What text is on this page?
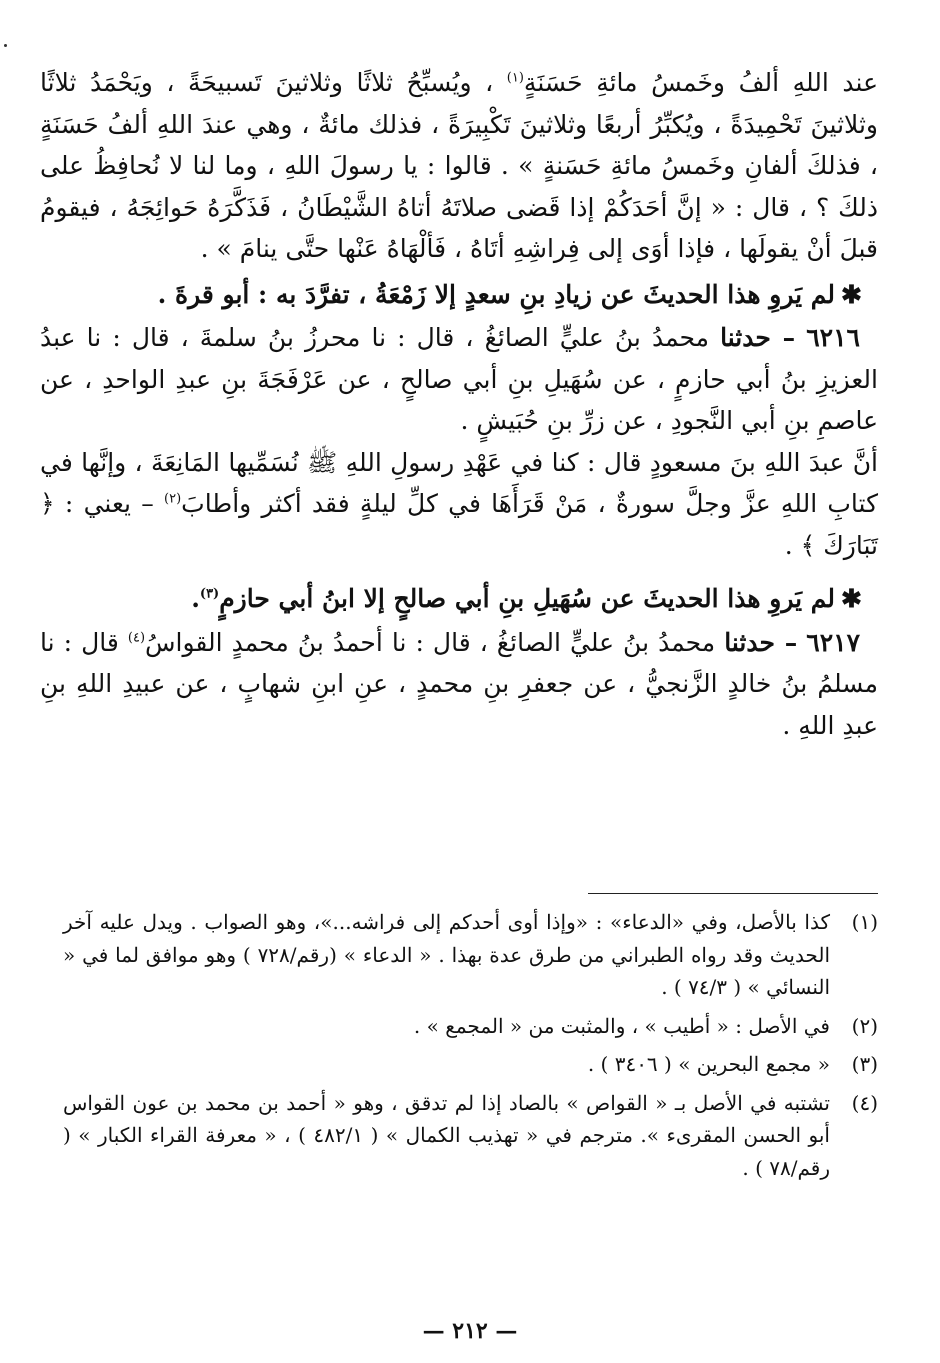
عند اللهِ ألفُ وخَمسُ مائةِ حَسَنَةٍ$^{(١)}$ ، ويُسبِّحُ ثلاثًا وثلاثينَ تَسبيحَةً ، ويَحْمَدُ ثلاثًا وثلاثينَ تَحْمِيدَةً ، ويُكبِّرُ أربعًا وثلاثينَ تَكْبِيرَةً ، فذلك مائةٌ ، وهي عندَ اللهِ ألفُ حَسَنَةٍ ، فذلكَ ألفانِ وخَمسُ مائةِ حَسَنةٍ » . قالوا : يا رسولَ اللهِ ، وما لنا لا نُحافِظُ على ذلكَ ؟ ، قال : « إنَّ أحَدَكُمْ إذا قَضى صلاتَهُ أتاهُ الشَّيْطَانُ ، فَذَكَّرَهُ حَوائِجَهُ ، فيقومُ قبلَ أنْ يقولَها ، فإذا أوَى إلى فِراشِهِ أتَاهُ ، فَألْهَاهُ عَنْها حتَّى ينامَ » .

✱لم يَروِ هذا الحديثَ عن زيادِ بنِ سعدٍ إلا زَمْعَةُ ، تفرَّدَ به : أبو قرةَ .

٦٢١٦ – حدثنا محمدُ بنُ عليٍّ الصائغُ ، قال : نا محرزُ بنُ سلمةَ ، قال : نا عبدُ العزيزِ بنُ أبي حازمٍ ، عن سُهَيلِ بنِ أبي صالحٍ ، عن عَرْفَجَةَ بنِ عبدِ الواحدِ ، عن عاصمِ بنِ أبي النَّجودِ ، عن زرِّ بنِ حُبَيشٍ .

أنَّ عبدَ اللهِ بنَ مسعودٍ قال : كنا في عَهْدِ رسولِ اللهِ ﷺ نُسَمِّيها المَانِعَةَ ، وإنَّها في كتابِ اللهِ عزَّ وجلَّ سورةٌ ، مَنْ قَرَأَهَا في كلِّ ليلةٍ فقد أكثر وأطابَ$^{(٢)}$ – يعني : ﴿ تَبَارَكَ ﴾ .

✱لم يَروِ هذا الحديثَ عن سُهَيلِ بنِ أبي صالحٍ إلا ابنُ أبي حازمٍ$^{(٣)}$.

٦٢١٧ – حدثنا محمدُ بنُ عليٍّ الصائغُ ، قال : نا أحمدُ بنُ محمدٍ القواسُ$^{(٤)}$ قال : نا مسلمُ بنُ خالدٍ الزَّنجيُّ ، عن جعفرِ بنِ محمدٍ ، عنِ ابنِ شهابٍ ، عن عبيدِ اللهِ بنِ عبدِ اللهِ .

(١)
كذا بالأصل، وفي «الدعاء» : «وإذا أوى أحدكم إلى فراشه...»، وهو الصواب . ويدل عليه آخر الحديث وقد رواه الطبراني من طرق عدة بهذا . « الدعاء » (رقم/٧٢٨ ) وهو موافق لما في « النسائي » ( ٧٤/٣ ) .
(٢)
في الأصل : « أطيب » ، والمثبت من « المجمع » .
(٣)
« مجمع البحرين » ( ٣٤٠٦ ) .
(٤)
تشتبه في الأصل بـ « القواص » بالصاد إذا لم تدقق ، وهو « أحمد بن محمد بن عون القواس أبو الحسن المقرىء ». مترجم في « تهذيب الكمال » ( ٤٨٢/١ ) ، « معرفة القراء الكبار » ( رقم/٧٨ ) .
— ٢١٢ —
